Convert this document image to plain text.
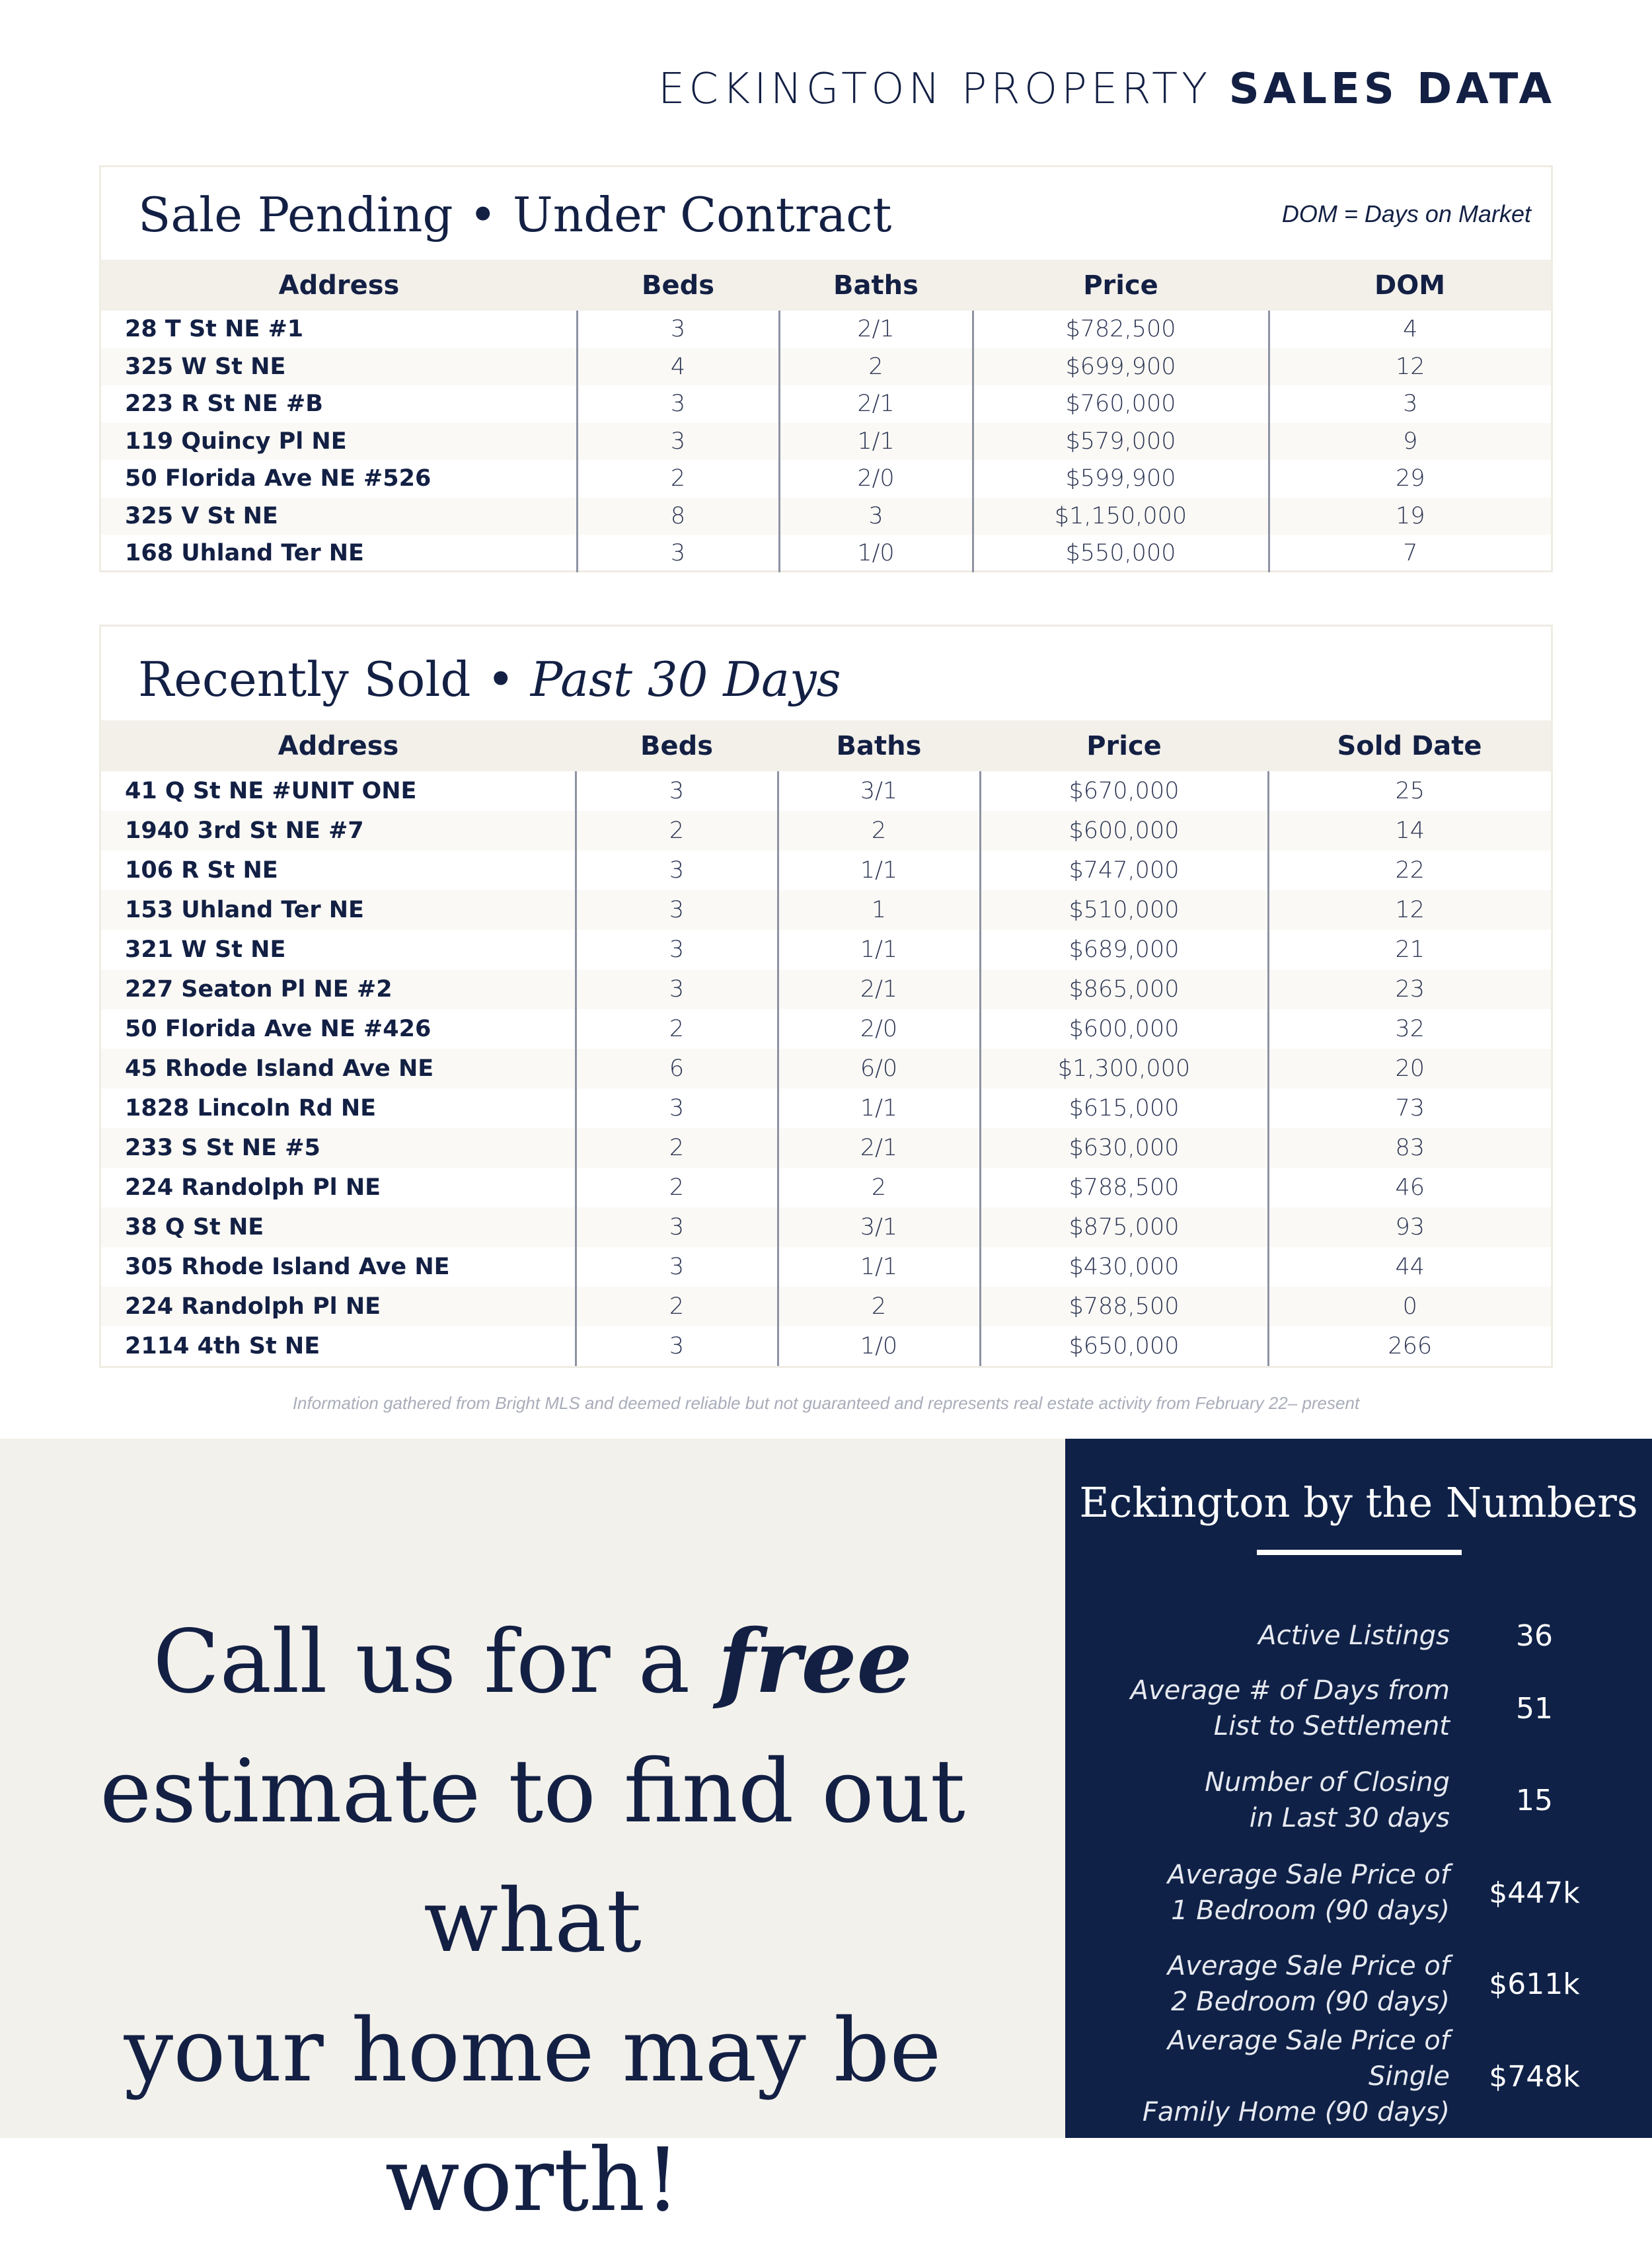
ECKINGTON PROPERTY SALES DATA
Sale Pending • Under Contract	DOM = Days on Market
Address	Beds	Baths	Price	DOM
28 T St NE #1	3	2/1	$782,500	4
325 W St NE	4	2	$699,900	12
223 R St NE #B	3	2/1	$760,000	3
119 Quincy Pl NE	3	1/1	$579,000	9
50 Florida Ave NE #526	2	2/0	$599,900	29
325 V St NE	8	3	$1,150,000	19
168 Uhland Ter NE	3	1/0	$550,000	7
Recently Sold • Past 30 Days
Address	Beds	Baths	Price	Sold Date
41 Q St NE #UNIT ONE	3	3/1	$670,000	25
1940 3rd St NE #7	2	2	$600,000	14
106 R St NE	3	1/1	$747,000	22
153 Uhland Ter NE	3	1	$510,000	12
321 W St NE	3	1/1	$689,000	21
227 Seaton Pl NE #2	3	2/1	$865,000	23
50 Florida Ave NE #426	2	2/0	$600,000	32
45 Rhode Island Ave NE	6	6/0	$1,300,000	20
1828 Lincoln Rd NE	3	1/1	$615,000	73
233 S St NE #5	2	2/1	$630,000	83
224 Randolph Pl NE	2	2	$788,500	46
38 Q St NE	3	3/1	$875,000	93
305 Rhode Island Ave NE	3	1/1	$430,000	44
224 Randolph Pl NE	2	2	$788,500	0
2114 4th St NE	3	1/0	$650,000	266
Information gathered from Bright MLS and deemed reliable but not guaranteed and represents real estate activity from February 22– present
Call us for a free
estimate to find out what
your home may be worth!
Eckington by the Numbers
Active Listings	36
Average # of Days from
List to Settlement
51
Number of Closing
in Last 30 days
15
Average Sale Price of
1 Bedroom (90 days)
$447k
Average Sale Price of
2 Bedroom (90 days)
$611k
Average Sale Price of Single
Family Home (90 days)
$748k
